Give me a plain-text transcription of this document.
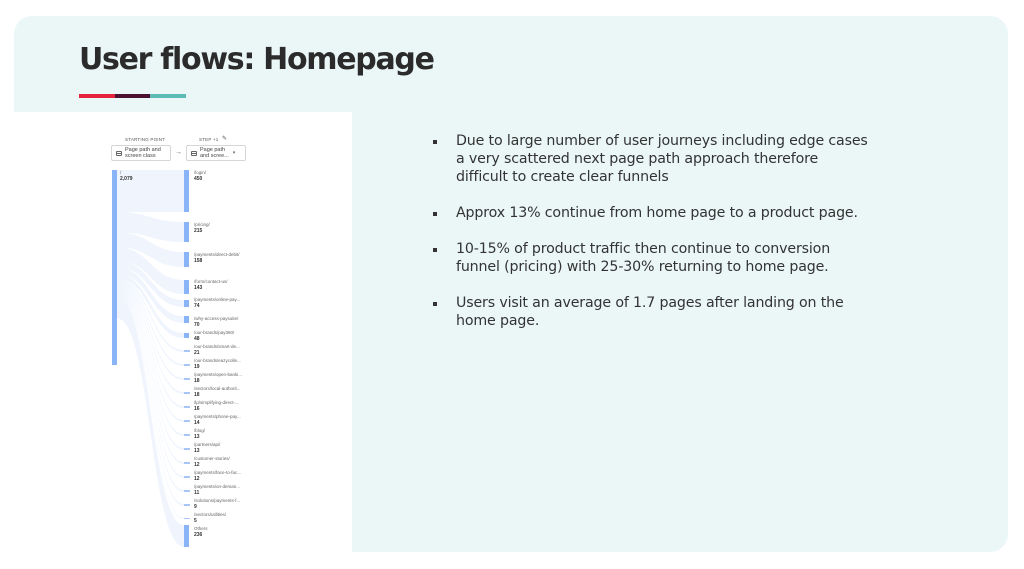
User flows: Homepage
STARTING POINT	STEP +1 ✎
Page path and
screen class	→	Page path
and scree... ▾
/
2,079
/login/
450
/pricing/
215
/payments/direct-debit/
158
/form/contact-us/
143
/payments/online-pay...
74
/why-access-paysuite/
70
/our-brands/pay360/
48
/our-brands/smart-de...
21
/our-brands/eazycolle...
19
/payments/open-banki...
18
/sectors/local-authorit...
18
/lp/simplifying-direct-...
16
/payments/phone-pay...
14
/blog/
13
/partners/api/
13
/customer-stories/
12
/payments/face-to-fac...
12
/payments/on-deman...
11
/solutions/payments-f...
9
/sectors/utilities/
5
Others
236
Due to large number of user journeys including edge cases a very scattered next page path approach therefore difficult to create clear funnels
Approx 13% continue from home page to a product page.
10-15% of product traffic then continue to conversion funnel (pricing) with 25-30% returning to home page.
Users visit an average of 1.7 pages after landing on the home page.
